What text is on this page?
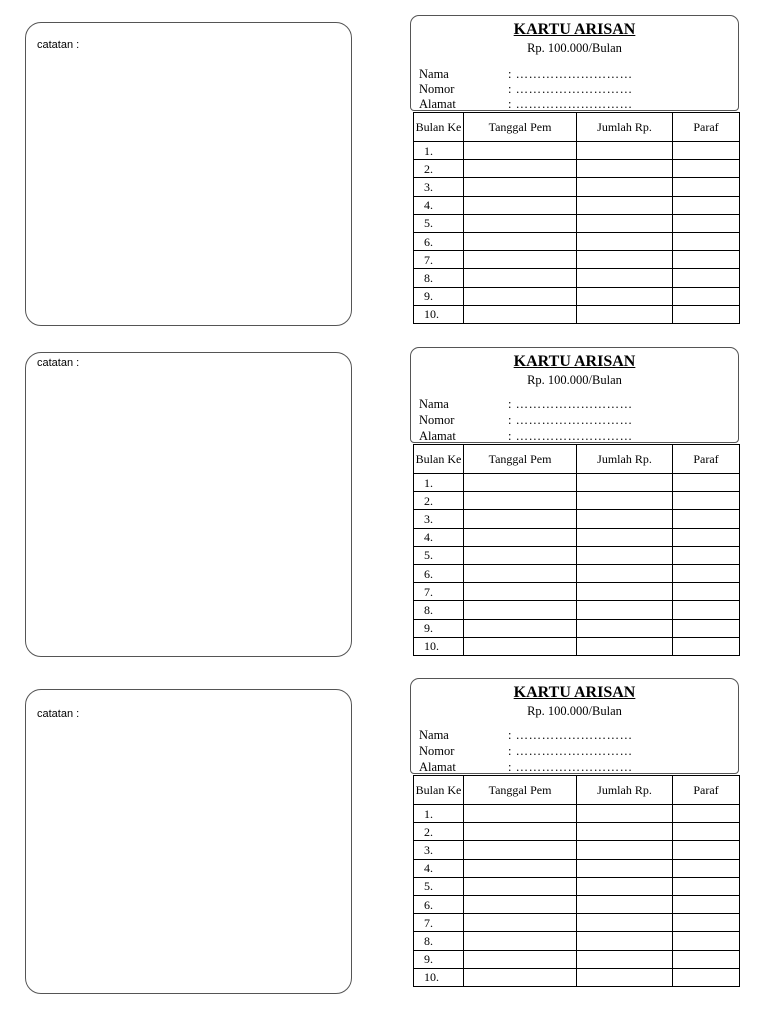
catatan :
KARTU ARISAN
Rp. 100.000/Bulan
Nama	: ………………………
Nomor	: ………………………
Alamat	: ………………………
Bulan Ke	Tanggal Pem	Jumlah Rp.	Paraf
1.			
2.			
3.			
4.			
5.			
6.			
7.			
8.			
9.			
10.			
catatan :	KARTU ARISAN
Rp. 100.000/Bulan
Nama	: ………………………
Nomor	: ………………………
Alamat	: ………………………
Bulan Ke	Tanggal Pem	Jumlah Rp.	Paraf
1.			
2.			
3.			
4.			
5.			
6.			
7.			
8.			
9.			
10.			
catatan :
KARTU ARISAN
Rp. 100.000/Bulan
Nama	: ………………………
Nomor	: ………………………
Alamat	: ………………………
Bulan Ke	Tanggal Pem	Jumlah Rp.	Paraf
1.			
2.			
3.			
4.			
5.			
6.			
7.			
8.			
9.			
10.			
